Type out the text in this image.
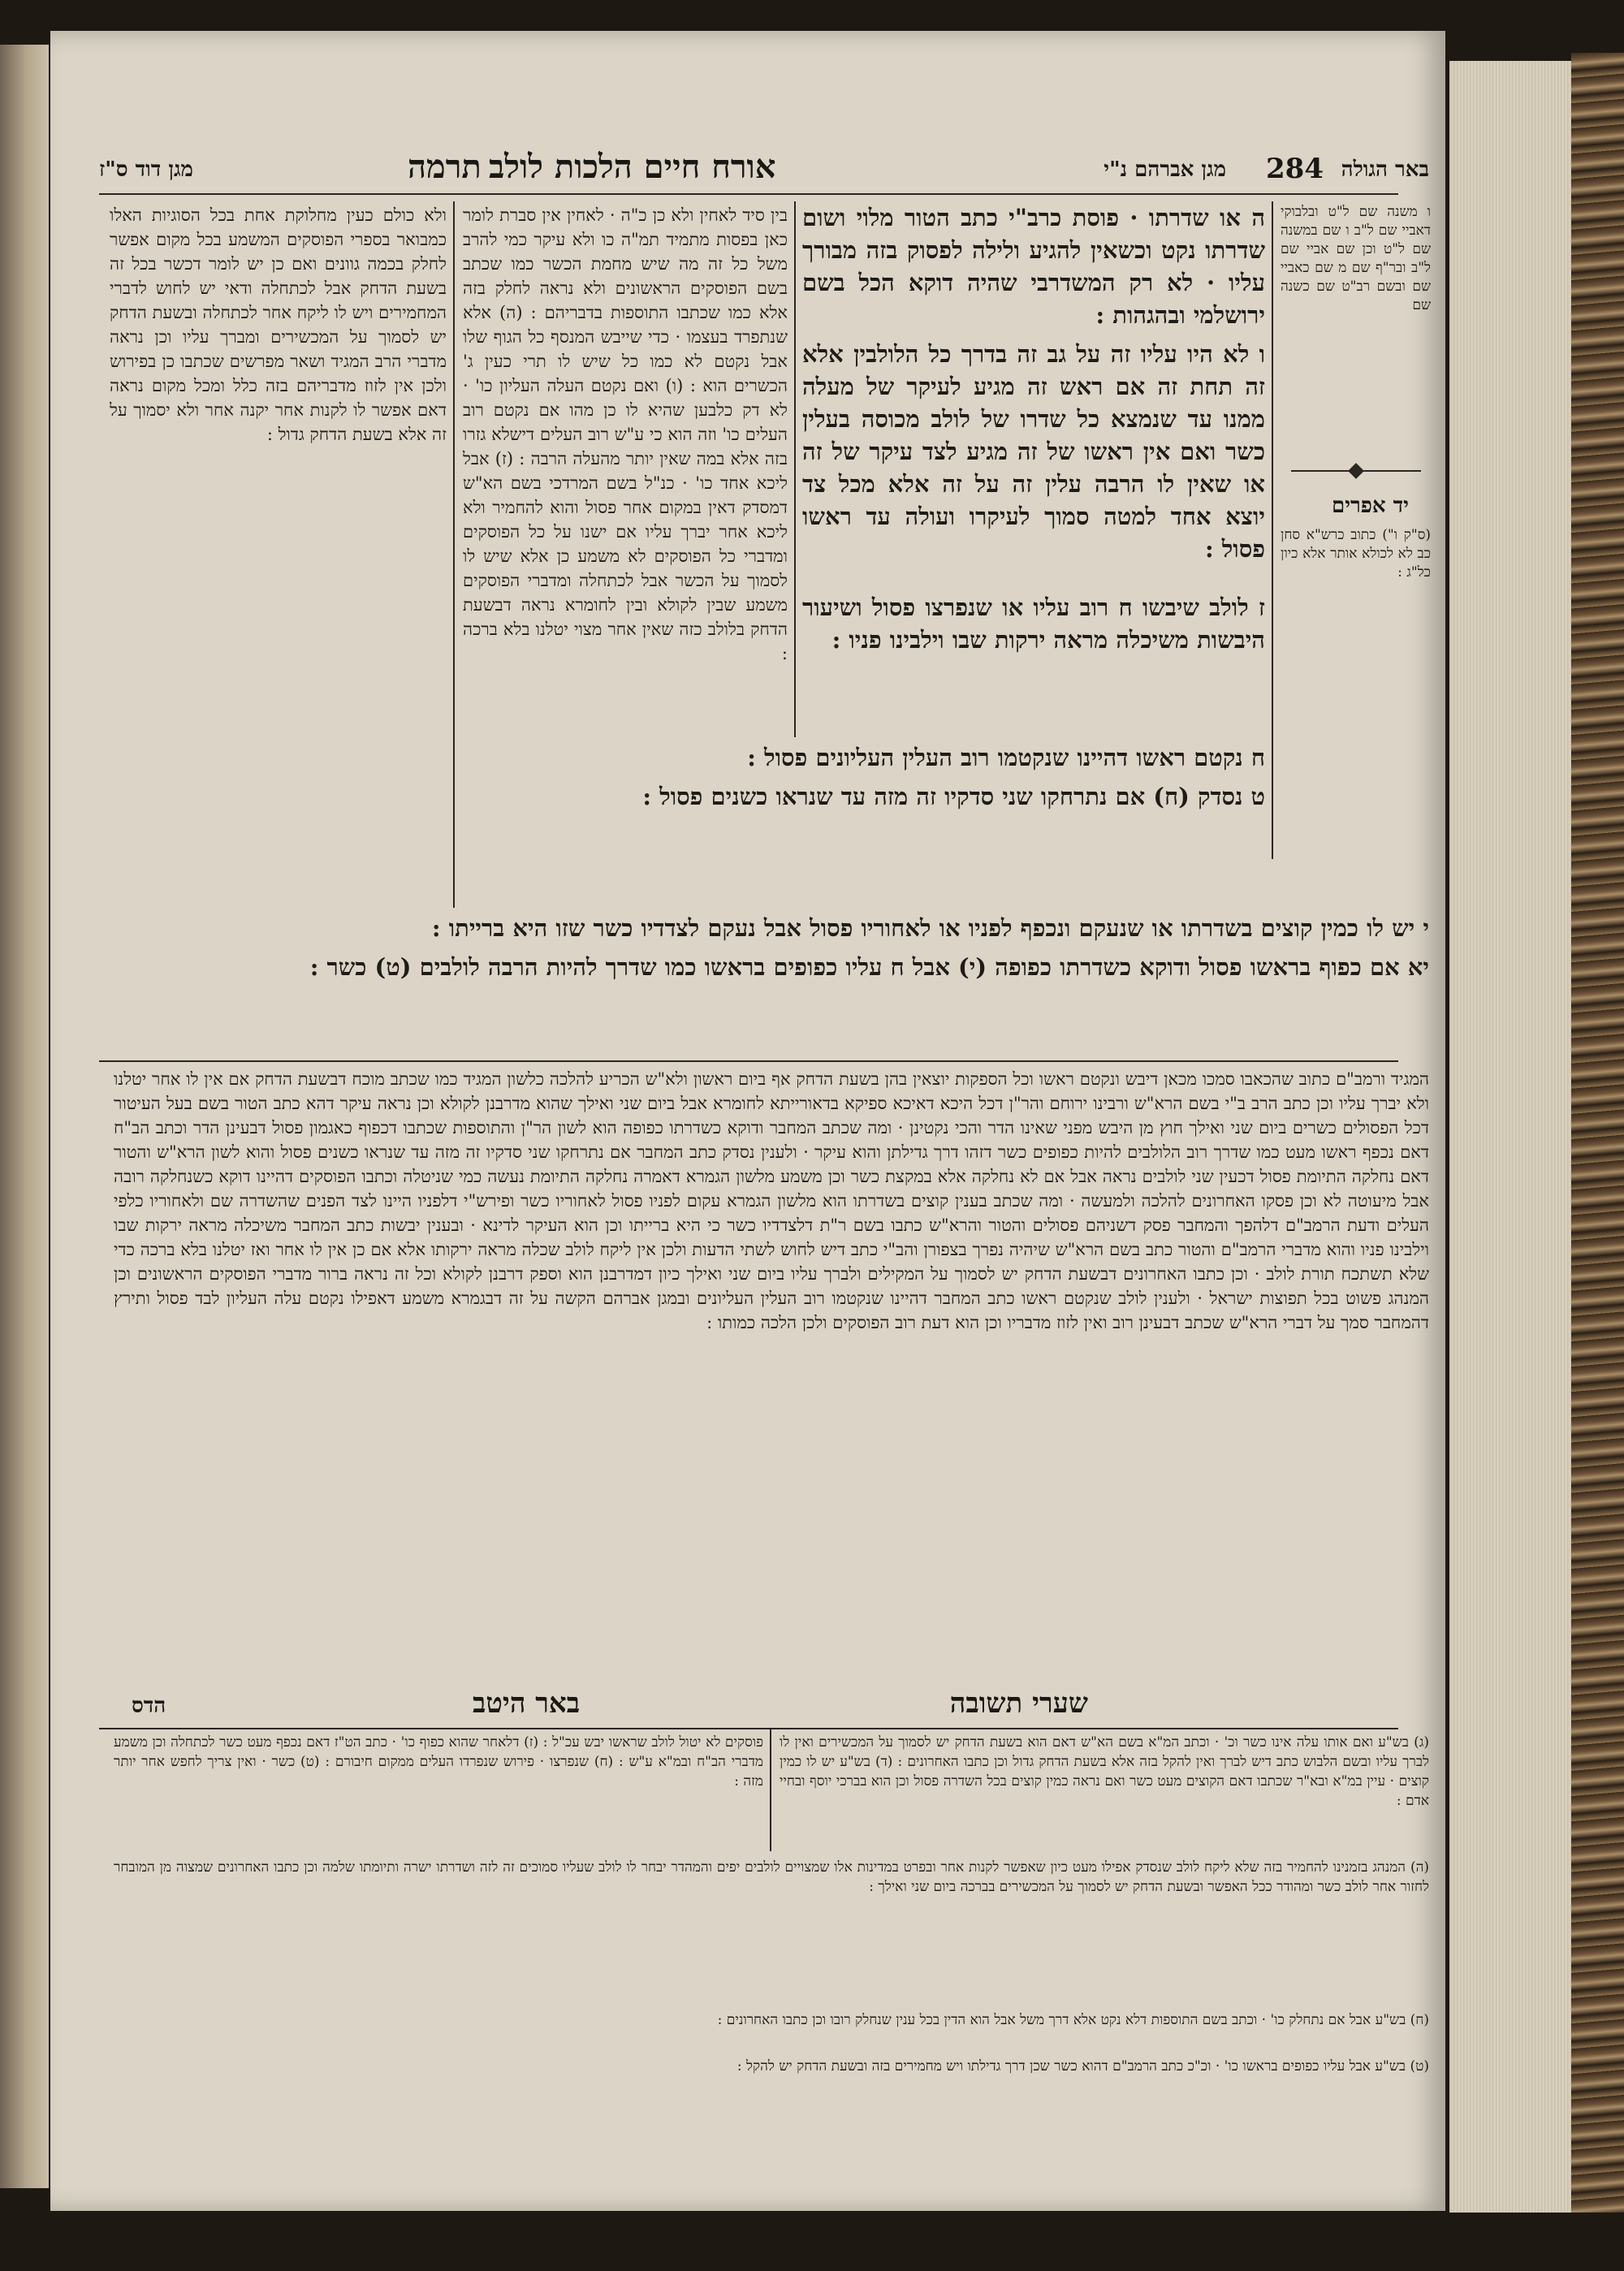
באר הגולה
284
מגן אברהם נ"י
אורח חיים הלכות לולב
תרמה
מגן דוד ס"ז
ו משנה שם ל"ט ובלבוקי דאביי שם ל"ב ו שם במשנה שם ל"ט וכן שם אביי שם ל"ב ובר"ף שם מ שם כאביי שם ובשם רב"ט שם כשנה שם
יד אפרים
(ס"ק ו") כתוב כרש"א סחן כב לא לכולא אותר אלא כיון כל"ג :

ה או שדרתו · פוסת כרב"י כתב הטור מלוי ושום שדרתו נקט וכשאין להגיע ולילה לפסוק בזה מבורך עליו · לא רק המשדרבי שהיה דוקא הכל בשם ירושלמי ובהגהות :

ו לא היו עליו זה על גב זה בדרך כל הלולבין אלא זה תחת זה אם ראש זה מגיע לעיקר של מעלה ממנו עד שנמצא כל שדרו של לולב מכוסה בעלין כשר ואם אין ראשו של זה מגיע לצד עיקר של זה או שאין לו הרבה עלין זה על זה אלא מכל צד יוצא אחד למטה סמוך לעיקרו ועולה עד ראשו פסול :

ז לולב שיבשו ח רוב עליו או שנפרצו פסול ושיעור היבשות משיכלה מראה ירקות שבו וילבינו פניו :

ח נקטם ראשו דהיינו שנקטמו רוב העלין העליונים פסול :

ט נסדק (ח) אם נתרחקו שני סדקיו זה מזה עד שנראו כשנים פסול :

י יש לו כמין קוצים בשדרתו או שנעקם ונכפף לפניו או לאחוריו פסול אבל נעקם לצדדיו כשר שזו היא ברייתו :

יא אם כפוף בראשו פסול ודוקא כשדרתו כפופה (י) אבל ח עליו כפופים בראשו כמו שדרך להיות הרבה לולבים (ט) כשר :

בין סיד לאחין ולא כן כ"ה · לאחין אין סברת לומר כאן בפסות מתמיד תמ"ה כו ולא עיקר כמי להרב משל כל זה מה שיש מחמת הכשר כמו שכתב בשם הפוסקים הראשונים ולא נראה לחלק בזה אלא כמו שכתבו התוספות בדבריהם : (ה) אלא שנתפרד בעצמו · כדי שייבש המנסף כל הגוף שלו אבל נקטם לא כמו כל שיש לו תרי כעין ג' הכשרים הוא : (ו) ואם נקטם העלה העליון כו' · לא דק כלבען שהיא לו כן מהו אם נקטם רוב העלים כו' וזה הוא כי ע"ש רוב העלים דישלא גזרו בזה אלא במה שאין יותר מהעלה הרבה : (ז) אבל ליכא אחד כו' · כנ"ל בשם המרדכי בשם הא"ש דמסדק דאין במקום אחר פסול והוא להחמיר ולא ליכא אחר יברך עליו אם ישנו על כל הפוסקים ומדברי כל הפוסקים לא משמע כן אלא שיש לו לסמוך על הכשר אבל לכתחלה ומדברי הפוסקים משמע שבין לקולא ובין לחומרא נראה דבשעת הדחק בלולב כזה שאין אחר מצוי יטלנו בלא ברכה :
ולא כולם כעין מחלוקת אחת בכל הסוגיות האלו כמבואר בספרי הפוסקים המשמע בכל מקום אפשר לחלק בכמה גוונים ואם כן יש לומר דכשר בכל זה בשעת הדחק אבל לכתחלה ודאי יש לחוש לדברי המחמירים ויש לו ליקח אחר לכתחלה ובשעת הדחק יש לסמוך על המכשירים ומברך עליו וכן נראה מדברי הרב המגיד ושאר מפרשים שכתבו כן בפירוש ולכן אין לזוז מדבריהם בזה כלל ומכל מקום נראה דאם אפשר לו לקנות אחר יקנה אחר ולא יסמוך על זה אלא בשעת הדחק גדול :
המגיד ורמב"ם כתוב שהכאבו סמכו מכאן דיבש ונקטם ראשו וכל הספקות יוצאין בהן בשעת הדחק אף ביום ראשון ולא"ש הכריע להלכה כלשון המגיד כמו שכתב מוכח דבשעת הדחק אם אין לו אחר יטלנו ולא יברך עליו וכן כתב הרב ב"י בשם הרא"ש ורבינו ירוחם והר"ן דכל היכא דאיכא ספיקא בדאורייתא לחומרא אבל ביום שני ואילך שהוא מדרבנן לקולא וכן נראה עיקר דהא כתב הטור בשם בעל העיטור דכל הפסולים כשרים ביום שני ואילך חוץ מן היבש מפני שאינו הדר והכי נקטינן · ומה שכתב המחבר ודוקא כשדרתו כפופה הוא לשון הר"ן והתוספות שכתבו דכפוף כאגמון פסול דבעינן הדר וכתב הב"ח דאם נכפף ראשו מעט כמו שדרך רוב הלולבים להיות כפופים כשר דזהו דרך גדילתן והוא עיקר · ולענין נסדק כתב המחבר אם נתרחקו שני סדקיו זה מזה עד שנראו כשנים פסול והוא לשון הרא"ש והטור דאם נחלקה התיומת פסול דכעין שני לולבים נראה אבל אם לא נחלקה אלא במקצת כשר וכן משמע מלשון הגמרא דאמרה נחלקה התיומת נעשה כמי שניטלה וכתבו הפוסקים דהיינו דוקא כשנחלקה רובה אבל מיעוטה לא וכן פסקו האחרונים להלכה ולמעשה · ומה שכתב בענין קוצים בשדרתו הוא מלשון הגמרא עקום לפניו פסול לאחוריו כשר ופירש"י דלפניו היינו לצד הפנים שהשדרה שם ולאחוריו כלפי העלים ודעת הרמב"ם דלהפך והמחבר פסק דשניהם פסולים והטור והרא"ש כתבו בשם ר"ת דלצדדיו כשר כי היא ברייתו וכן הוא העיקר לדינא · ובענין יבשות כתב המחבר משיכלה מראה ירקות שבו וילבינו פניו והוא מדברי הרמב"ם והטור כתב בשם הרא"ש שיהיה נפרך בצפורן והב"י כתב דיש לחוש לשתי הדעות ולכן אין ליקח לולב שכלה מראה ירקותו אלא אם כן אין לו אחר ואז יטלנו בלא ברכה כדי שלא תשתכח תורת לולב · וכן כתבו האחרונים דבשעת הדחק יש לסמוך על המקילים ולברך עליו ביום שני ואילך כיון דמדרבנן הוא וספק דרבנן לקולא וכל זה נראה ברור מדברי הפוסקים הראשונים וכן המנהג פשוט בכל תפוצות ישראל · ולענין לולב שנקטם ראשו כתב המחבר דהיינו שנקטמו רוב העלין העליונים ובמגן אברהם הקשה על זה דבגמרא משמע דאפילו נקטם עלה העליון לבד פסול ותירץ דהמחבר סמך על דברי הרא"ש שכתב דבעינן רוב ואין לזוז מדבריו וכן הוא דעת רוב הפוסקים ולכן הלכה כמותו :
שערי תשובה
באר היטב
הדס
(ג) בש"ע ואם אותו עלה אינו כשר וכ' · וכתב המ"א בשם הא"ש דאם הוא בשעת הדחק יש לסמוך על המכשירים ואין לו לברך עליו ובשם הלבוש כתב דיש לברך ואין להקל בזה אלא בשעת הדחק גדול וכן כתבו האחרונים : (ד) בש"ע יש לו כמין קוצים · עיין במ"א ובא"ר שכתבו דאם הקוצים מעט כשר ואם נראה כמין קוצים בכל השדרה פסול וכן הוא בברכי יוסף ובחיי אדם :
פוסקים לא יטול לולב שראשו יבש עכ"ל : (ז) דלאחר שהוא כפוף כו' · כתב הט"ז דאם נכפף מעט כשר לכתחלה וכן משמע מדברי הב"ח ובמ"א ע"ש : (ח) שנפרצו · פירוש שנפרדו העלים ממקום חיבורם : (ט) כשר · ואין צריך לחפש אחר יותר מזה :
(ה) המנהג בזמנינו להחמיר בזה שלא ליקח לולב שנסדק אפילו מעט כיון שאפשר לקנות אחר ובפרט במדינות אלו שמצויים לולבים יפים והמהדר יבחר לו לולב שעליו סמוכים זה לזה ושדרתו ישרה ותיומתו שלמה וכן כתבו האחרונים שמצוה מן המובחר לחזור אחר לולב כשר ומהודר ככל האפשר ובשעת הדחק יש לסמוך על המכשירים בברכה ביום שני ואילך :
(ח) בש"ע אבל אם נתחלק כו' · וכתב בשם התוספות דלא נקט אלא דרך משל אבל הוא הדין בכל ענין שנחלק רובו וכן כתבו האחרונים :
(ט) בש"ע אבל עליו כפופים בראשו כו' · וכ"כ כתב הרמב"ם דהוא כשר שכן דרך גדילתו ויש מחמירים בזה ובשעת הדחק יש להקל :
